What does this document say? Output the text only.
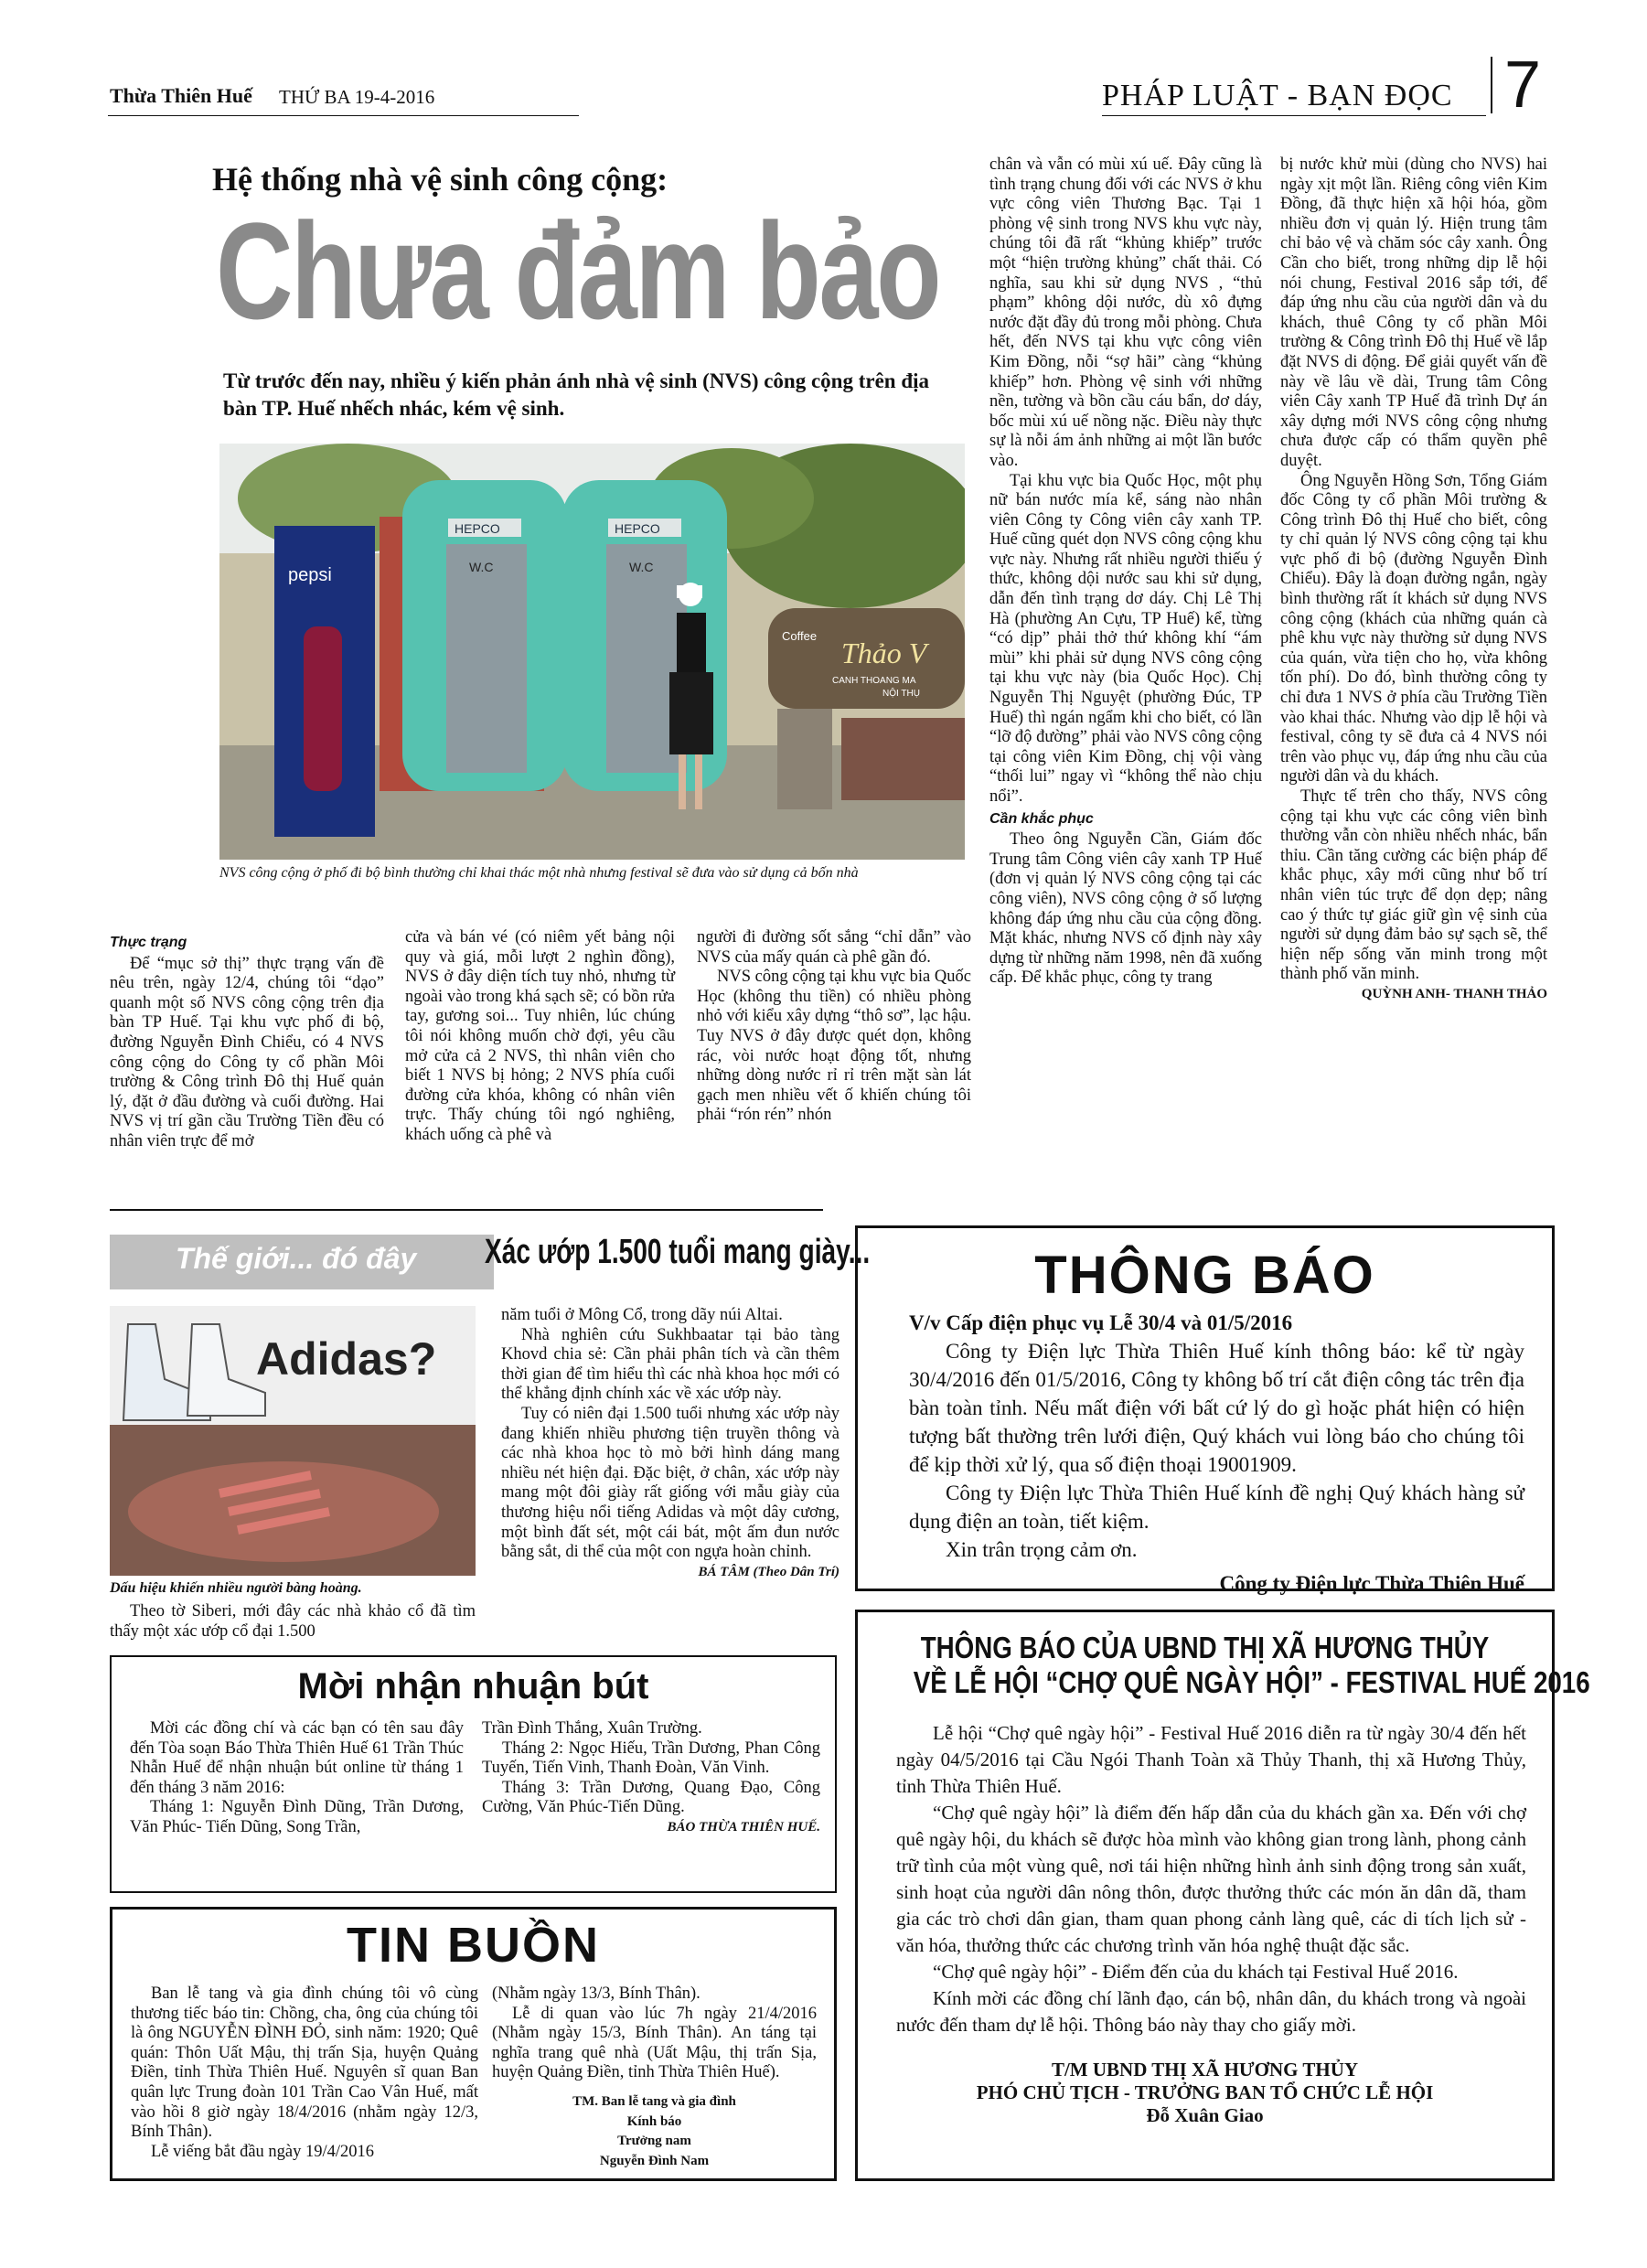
Thừa Thiên Huế THỨ BA 19-4-2016	PHÁP LUẬT - BẠN ĐỌC 7
Hệ thống nhà vệ sinh công cộng:
Chưa đảm bảo
Từ trước đến nay, nhiều ý kiến phản ánh nhà vệ sinh (NVS) công cộng trên địa bàn TP. Huế nhếch nhác, kém vệ sinh.
pepsi
HEPCO	HEPCO
W.C	W.C
Coffee
Thảo V
CANH THOANG MA
NỘI THỤ
NVS công cộng ở phố đi bộ bình thường chỉ khai thác một nhà nhưng festival sẽ đưa vào sử dụng cả bốn nhà
Thực trạng

Để “mục sở thị” thực trạng vấn đề nêu trên, ngày 12/4, chúng tôi “dạo” quanh một số NVS công cộng trên địa bàn TP Huế. Tại khu vực phố đi bộ, đường Nguyễn Đình Chiểu, có 4 NVS công cộng do Công ty cổ phần Môi trường & Công trình Đô thị Huế quản lý, đặt ở đầu đường và cuối đường. Hai NVS vị trí gần cầu Trường Tiền đều có nhân viên trực để mở

cửa và bán vé (có niêm yết bảng nội quy và giá, mỗi lượt 2 nghìn đồng), NVS ở đây diện tích tuy nhỏ, nhưng từ ngoài vào trong khá sạch sẽ; có bồn rửa tay, gương soi... Tuy nhiên, lúc chúng tôi nói không muốn chờ đợi, yêu cầu mở cửa cả 2 NVS, thì nhân viên cho biết 1 NVS bị hỏng; 2 NVS phía cuối đường cửa khóa, không có nhân viên trực. Thấy chúng tôi ngó nghiêng, khách uống cà phê và

người đi đường sốt sắng “chỉ dẫn” vào NVS của mấy quán cà phê gần đó.

NVS công cộng tại khu vực bia Quốc Học (không thu tiền) có nhiều phòng nhỏ với kiểu xây dựng “thô sơ”, lạc hậu. Tuy NVS ở đây được quét dọn, không rác, vòi nước hoạt động tốt, nhưng những dòng nước rỉ rỉ trên mặt sàn lát gạch men nhiều vết ố khiến chúng tôi phải “rón rén” nhón

chân và vẫn có mùi xú uế. Đây cũng là tình trạng chung đối với các NVS ở khu vực công viên Thương Bạc. Tại 1 phòng vệ sinh trong NVS khu vực này, chúng tôi đã rất “khủng khiếp” trước một “hiện trường khủng” chất thải. Có nghĩa, sau khi sử dụng NVS , “thủ phạm” không dội nước, dù xô đựng nước đặt đầy đủ trong mỗi phòng. Chưa hết, đến NVS tại khu vực công viên Kim Đồng, nỗi “sợ hãi” càng “khủng khiếp” hơn. Phòng vệ sinh với những nền, tường và bồn cầu cáu bẩn, dơ dáy, bốc mùi xú uế nồng nặc. Điều này thực sự là nỗi ám ảnh những ai một lần bước vào.

Tại khu vực bia Quốc Học, một phụ nữ bán nước mía kể, sáng nào nhân viên Công ty Công viên cây xanh TP. Huế cũng quét dọn NVS công cộng khu vực này. Nhưng rất nhiều người thiếu ý thức, không dội nước sau khi sử dụng, dẫn đến tình trạng dơ dáy. Chị Lê Thị Hà (phường An Cựu, TP Huế) kể, từng “có dịp” phải thở thứ không khí “ám mùi” khi phải sử dụng NVS công cộng tại khu vực này (bia Quốc Học). Chị Nguyễn Thị Nguyệt (phường Đúc, TP Huế) thì ngán ngẩm khi cho biết, có lần “lỡ độ đường” phải vào NVS công cộng tại công viên Kim Đồng, chị vội vàng “thối lui” ngay vì “không thể nào chịu nổi”.

Cần khắc phục

Theo ông Nguyễn Cần, Giám đốc Trung tâm Công viên cây xanh TP Huế (đơn vị quản lý NVS công cộng tại các công viên), NVS công cộng ở số lượng không đáp ứng nhu cầu của cộng đồng. Mặt khác, nhưng NVS cố định này xây dựng từ những năm 1998, nên đã xuống cấp. Để khắc phục, công ty trang

bị nước khử mùi (dùng cho NVS) hai ngày xịt một lần. Riêng công viên Kim Đồng, đã thực hiện xã hội hóa, gồm nhiều đơn vị quản lý. Hiện trung tâm chỉ bảo vệ và chăm sóc cây xanh. Ông Cần cho biết, trong những dịp lễ hội nói chung, Festival 2016 sắp tới, để đáp ứng nhu cầu của người dân và du khách, thuê Công ty cổ phần Môi trường & Công trình Đô thị Huế về lắp đặt NVS di động. Để giải quyết vấn đề này về lâu về dài, Trung tâm Công viên Cây xanh TP Huế đã trình Dự án xây dựng mới NVS công cộng nhưng chưa được cấp có thẩm quyền phê duyệt.

Ông Nguyễn Hồng Sơn, Tổng Giám đốc Công ty cổ phần Môi trường & Công trình Đô thị Huế cho biết, công ty chỉ quản lý NVS công cộng tại khu vực phố đi bộ (đường Nguyễn Đình Chiểu). Đây là đoạn đường ngắn, ngày bình thường rất ít khách sử dụng NVS công cộng (khách của những quán cà phê khu vực này thường sử dụng NVS của quán, vừa tiện cho họ, vừa không tốn phí). Do đó, bình thường công ty chỉ đưa 1 NVS ở phía cầu Trường Tiền vào khai thác. Nhưng vào dịp lễ hội và festival, công ty sẽ đưa cả 4 NVS nói trên vào phục vụ, đáp ứng nhu cầu của người dân và du khách.

Thực tế trên cho thấy, NVS công cộng tại khu vực các công viên bình thường vẫn còn nhiều nhếch nhác, bẩn thỉu. Cần tăng cường các biện pháp để khắc phục, xây mới cũng như bố trí nhân viên túc trực để dọn dẹp; nâng cao ý thức tự giác giữ gìn vệ sinh của người sử dụng đảm bảo sự sạch sẽ, thể hiện nếp sống văn minh trong một thành phố văn minh.

QUỲNH ANH- THANH THẢO
Thế giới... đó đây	Xác ướp 1.500 tuổi mang giày...
Adidas?
Dấu hiệu khiến nhiều người bàng hoàng.

Theo tờ Siberi, mới đây các nhà khảo cổ đã tìm thấy một xác ướp cổ đại 1.500

năm tuổi ở Mông Cổ, trong dãy núi Altai.

Nhà nghiên cứu Sukhbaatar tại bảo tàng Khovd chia sẻ: Cần phải phân tích và cần thêm thời gian để tìm hiểu thì các nhà khoa học mới có thể khẳng định chính xác về xác ướp này.

Tuy có niên đại 1.500 tuổi nhưng xác ướp này đang khiến nhiều phương tiện truyền thông và các nhà khoa học tò mò bởi hình dáng mang nhiều nét hiện đại. Đặc biệt, ở chân, xác ướp này mang một đôi giày rất giống với mẫu giày của thương hiệu nổi tiếng Adidas và một dây cương, một bình đất sét, một cái bát, một ấm đun nước bằng sắt, di thể của một con ngựa hoàn chỉnh.

BÁ TÂM (Theo Dân Trí)
Mời nhận nhuận bút

Mời các đồng chí và các bạn có tên sau đây đến Tòa soạn Báo Thừa Thiên Huế 61 Trần Thúc Nhẫn Huế để nhận nhuận bút online từ tháng 1 đến tháng 3 năm 2016:

Tháng 1: Nguyễn Đình Dũng, Trần Dương, Văn Phúc- Tiến Dũng, Song Trần,

Trần Đình Thắng, Xuân Trường.

Tháng 2: Ngọc Hiếu, Trần Dương, Phan Công Tuyến, Tiến Vinh, Thanh Đoàn, Văn Vinh.

Tháng 3: Trần Dương, Quang Đạo, Công Cường, Văn Phúc-Tiến Dũng.

BÁO THỪA THIÊN HUẾ.
TIN BUỒN

Ban lễ tang và gia đình chúng tôi vô cùng thương tiếc báo tin: Chồng, cha, ông của chúng tôi là ông NGUYỄN ĐÌNH ĐỎ, sinh năm: 1920; Quê quán: Thôn Uất Mậu, thị trấn Sịa, huyện Quảng Điền, tỉnh Thừa Thiên Huế. Nguyên sĩ quan Ban quân lực Trung đoàn 101 Trần Cao Vân Huế, mất vào hồi 8 giờ ngày 18/4/2016 (nhằm ngày 12/3, Bính Thân).

Lễ viếng bắt đầu ngày 19/4/2016

(Nhằm ngày 13/3, Bính Thân).

Lễ di quan vào lúc 7h ngày 21/4/2016 (Nhằm ngày 15/3, Bính Thân). An táng tại nghĩa trang quê nhà (Uất Mậu, thị trấn Sịa, huyện Quảng Điền, tỉnh Thừa Thiên Huế).

TM. Ban lễ tang và gia đình
Kính báo
Trưởng nam
Nguyễn Đình Nam
THÔNG BÁO
V/v Cấp điện phục vụ Lễ 30/4 và 01/5/2016

Công ty Điện lực Thừa Thiên Huế kính thông báo: kể từ ngày 30/4/2016 đến 01/5/2016, Công ty không bố trí cắt điện công tác trên địa bàn toàn tỉnh. Nếu mất điện với bất cứ lý do gì hoặc phát hiện có hiện tượng bất thường trên lưới điện, Quý khách vui lòng báo cho chúng tôi để kịp thời xử lý, qua số điện thoại 19001909.

Công ty Điện lực Thừa Thiên Huế kính đề nghị Quý khách hàng sử dụng điện an toàn, tiết kiệm.

Xin trân trọng cảm ơn.

Công ty Điện lực Thừa Thiên Huế
THÔNG BÁO CỦA UBND THỊ XÃ HƯƠNG THỦY
VỀ LỄ HỘI “CHỢ QUÊ NGÀY HỘI” - FESTIVAL HUẾ 2016

Lễ hội “Chợ quê ngày hội” - Festival Huế 2016 diễn ra từ ngày 30/4 đến hết ngày 04/5/2016 tại Cầu Ngói Thanh Toàn xã Thủy Thanh, thị xã Hương Thủy, tỉnh Thừa Thiên Huế.

“Chợ quê ngày hội” là điểm đến hấp dẫn của du khách gần xa. Đến với chợ quê ngày hội, du khách sẽ được hòa mình vào không gian trong lành, phong cảnh trữ tình của một vùng quê, nơi tái hiện những hình ảnh sinh động trong sản xuất, sinh hoạt của người dân nông thôn, được thưởng thức các món ăn dân dã, tham gia các trò chơi dân gian, tham quan phong cảnh làng quê, các di tích lịch sử - văn hóa, thưởng thức các chương trình văn hóa nghệ thuật đặc sắc.

“Chợ quê ngày hội” - Điểm đến của du khách tại Festival Huế 2016.

Kính mời các đồng chí lãnh đạo, cán bộ, nhân dân, du khách trong và ngoài nước đến tham dự lễ hội. Thông báo này thay cho giấy mời.

T/M UBND THỊ XÃ HƯƠNG THỦY
PHÓ CHỦ TỊCH - TRƯỞNG BAN TỔ CHỨC LỄ HỘI
Đỗ Xuân Giao
